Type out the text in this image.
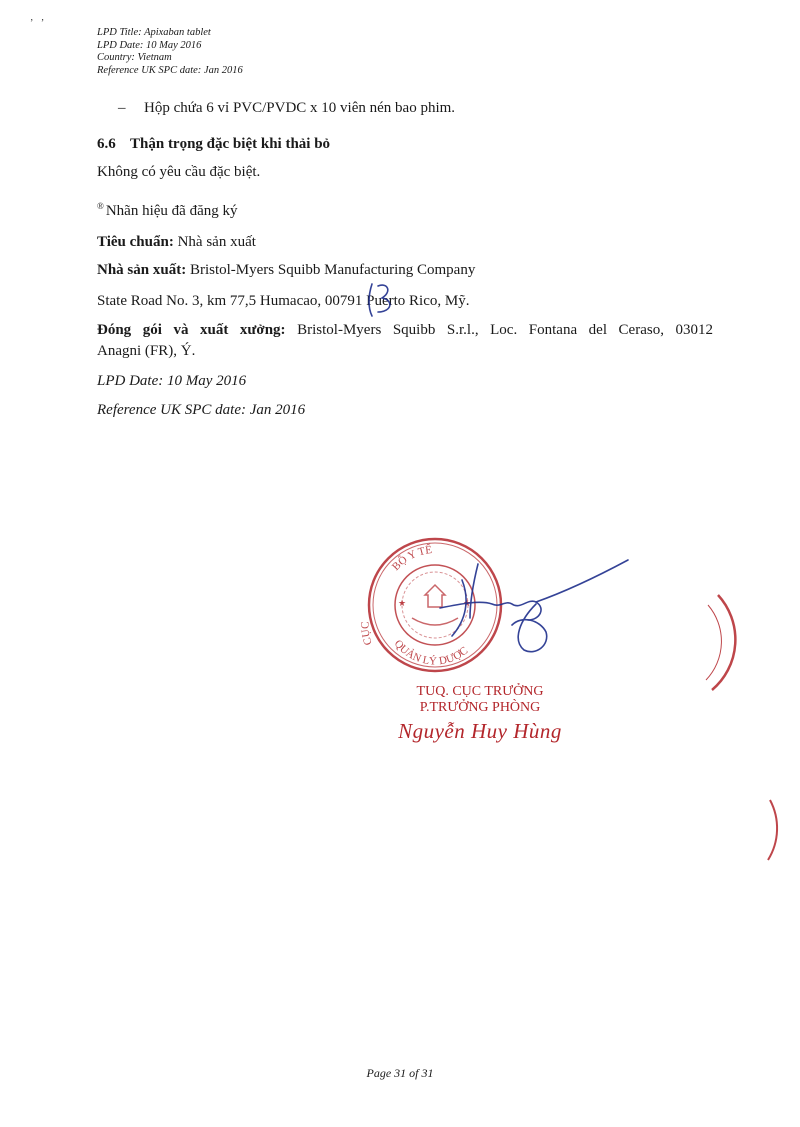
ʼ   ʼ
LPD Title: Apixaban tablet
LPD Date: 10 May 2016
Country: Vietnam
Reference UK SPC date: Jan 2016
– Hộp chứa 6 vỉ PVC/PVDC x 10 viên nén bao phim.
6.6 Thận trọng đặc biệt khi thải bỏ
Không có yêu cầu đặc biệt.
® Nhãn hiệu đã đăng ký
Tiêu chuẩn: Nhà sản xuất
Nhà sản xuất: Bristol-Myers Squibb Manufacturing Company
State Road No. 3, km 77,5 Humacao, 00791 Puerto Rico, Mỹ.
Đóng gói và xuất xưởng: Bristol-Myers Squibb S.r.l., Loc. Fontana del Ceraso, 03012
Anagni (FR), Ý.
LPD Date: 10 May 2016
Reference UK SPC date: Jan 2016
BỘ Y TẾ
QUẢN LÝ DƯỢC
CỤC
★	★
TUQ. CỤC TRƯỞNG
P.TRƯỞNG PHÒNG
Nguyễn Huy Hùng
Page 31 of 31
